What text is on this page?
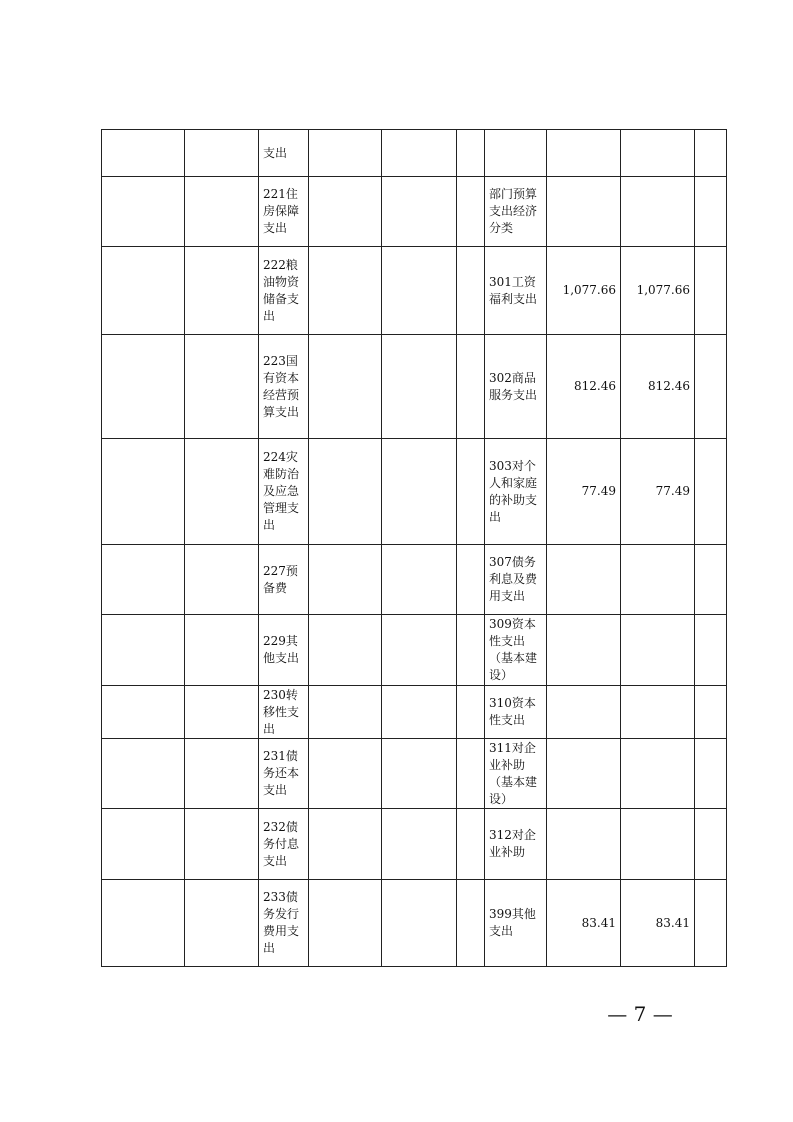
		支出							

		221住房保障支出				部门预算支出经济分类			

		222粮油物资储备支出				301工资福利支出	1,077.66	1,077.66	

		223国有资本经营预算支出				302商品服务支出	812.46	812.46	

		224灾难防治及应急管理支出				303对个人和家庭的补助支出	77.49	77.49	

		227预备费				307债务利息及费用支出			

		229其他支出				309资本性支出（基本建设）			

		230转移性支出				310资本性支出			

		231债务还本支出				311对企业补助（基本建设）			

		232债务付息支出				312对企业补助			

		233债务发行费用支出				399其他支出	83.41	83.41	
— 7 —
